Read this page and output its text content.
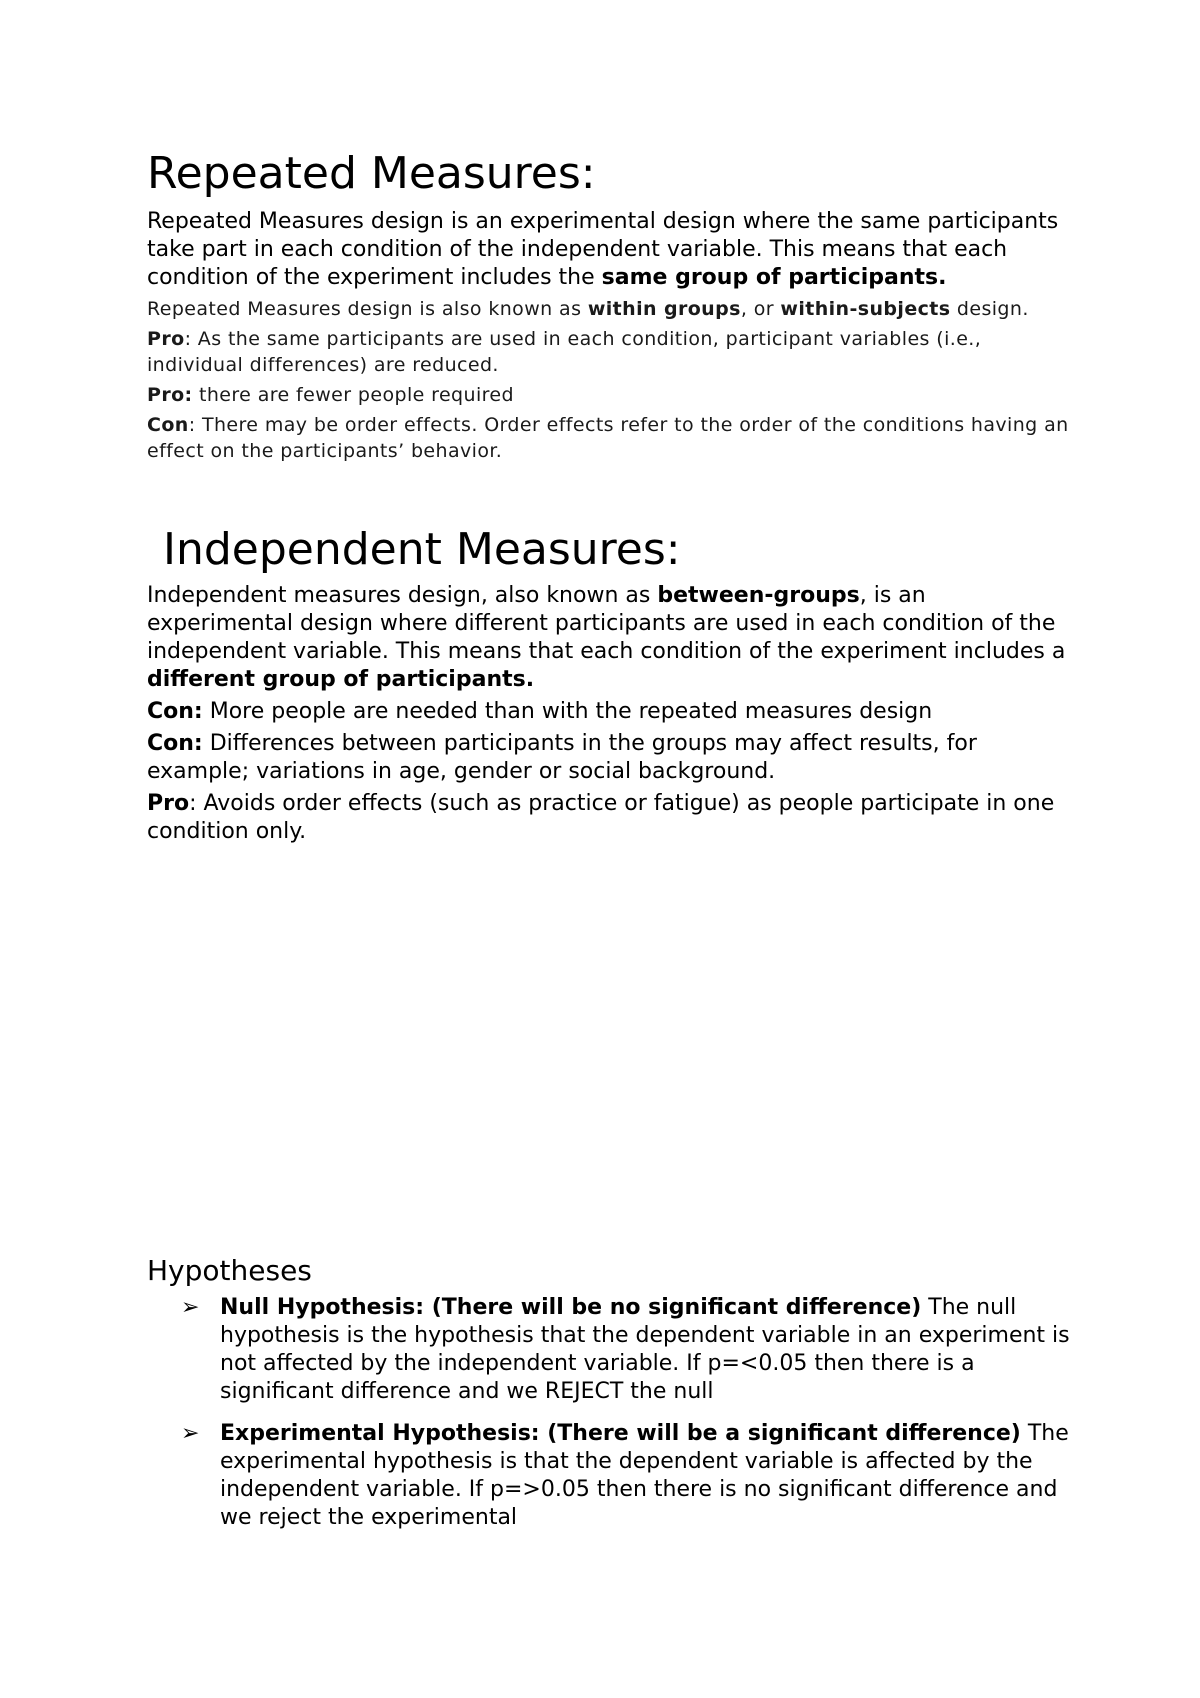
Repeated Measures:

Repeated Measures design is an experimental design where the same participants take part in each condition of the independent variable. This means that each condition of the experiment includes the same group of participants.

Repeated Measures design is also known as within groups, or within-subjects design.

Pro: As the same participants are used in each condition, participant variables (i.e., individual differences) are reduced.

Pro: there are fewer people required

Con: There may be order effects. Order effects refer to the order of the conditions having an effect on the participants’ behavior.

Independent Measures:

Independent measures design, also known as between-groups, is an experimental design where different participants are used in each condition of the independent variable. This means that each condition of the experiment includes a different group of participants.

Con: More people are needed than with the repeated measures design

Con: Differences between participants in the groups may affect results, for example; variations in age, gender or social background.

Pro: Avoids order effects (such as practice or fatigue) as people participate in one condition only.

Hypotheses
➢ Null Hypothesis: (There will be no significant difference) The null hypothesis is the hypothesis that the dependent variable in an experiment is not affected by the independent variable. If p=<0.05 then there is a significant difference and we REJECT the null

➢ Experimental Hypothesis: (There will be a significant difference) The experimental hypothesis is that the dependent variable is affected by the independent variable. If p=>0.05 then there is no significant difference and we reject the experimental
